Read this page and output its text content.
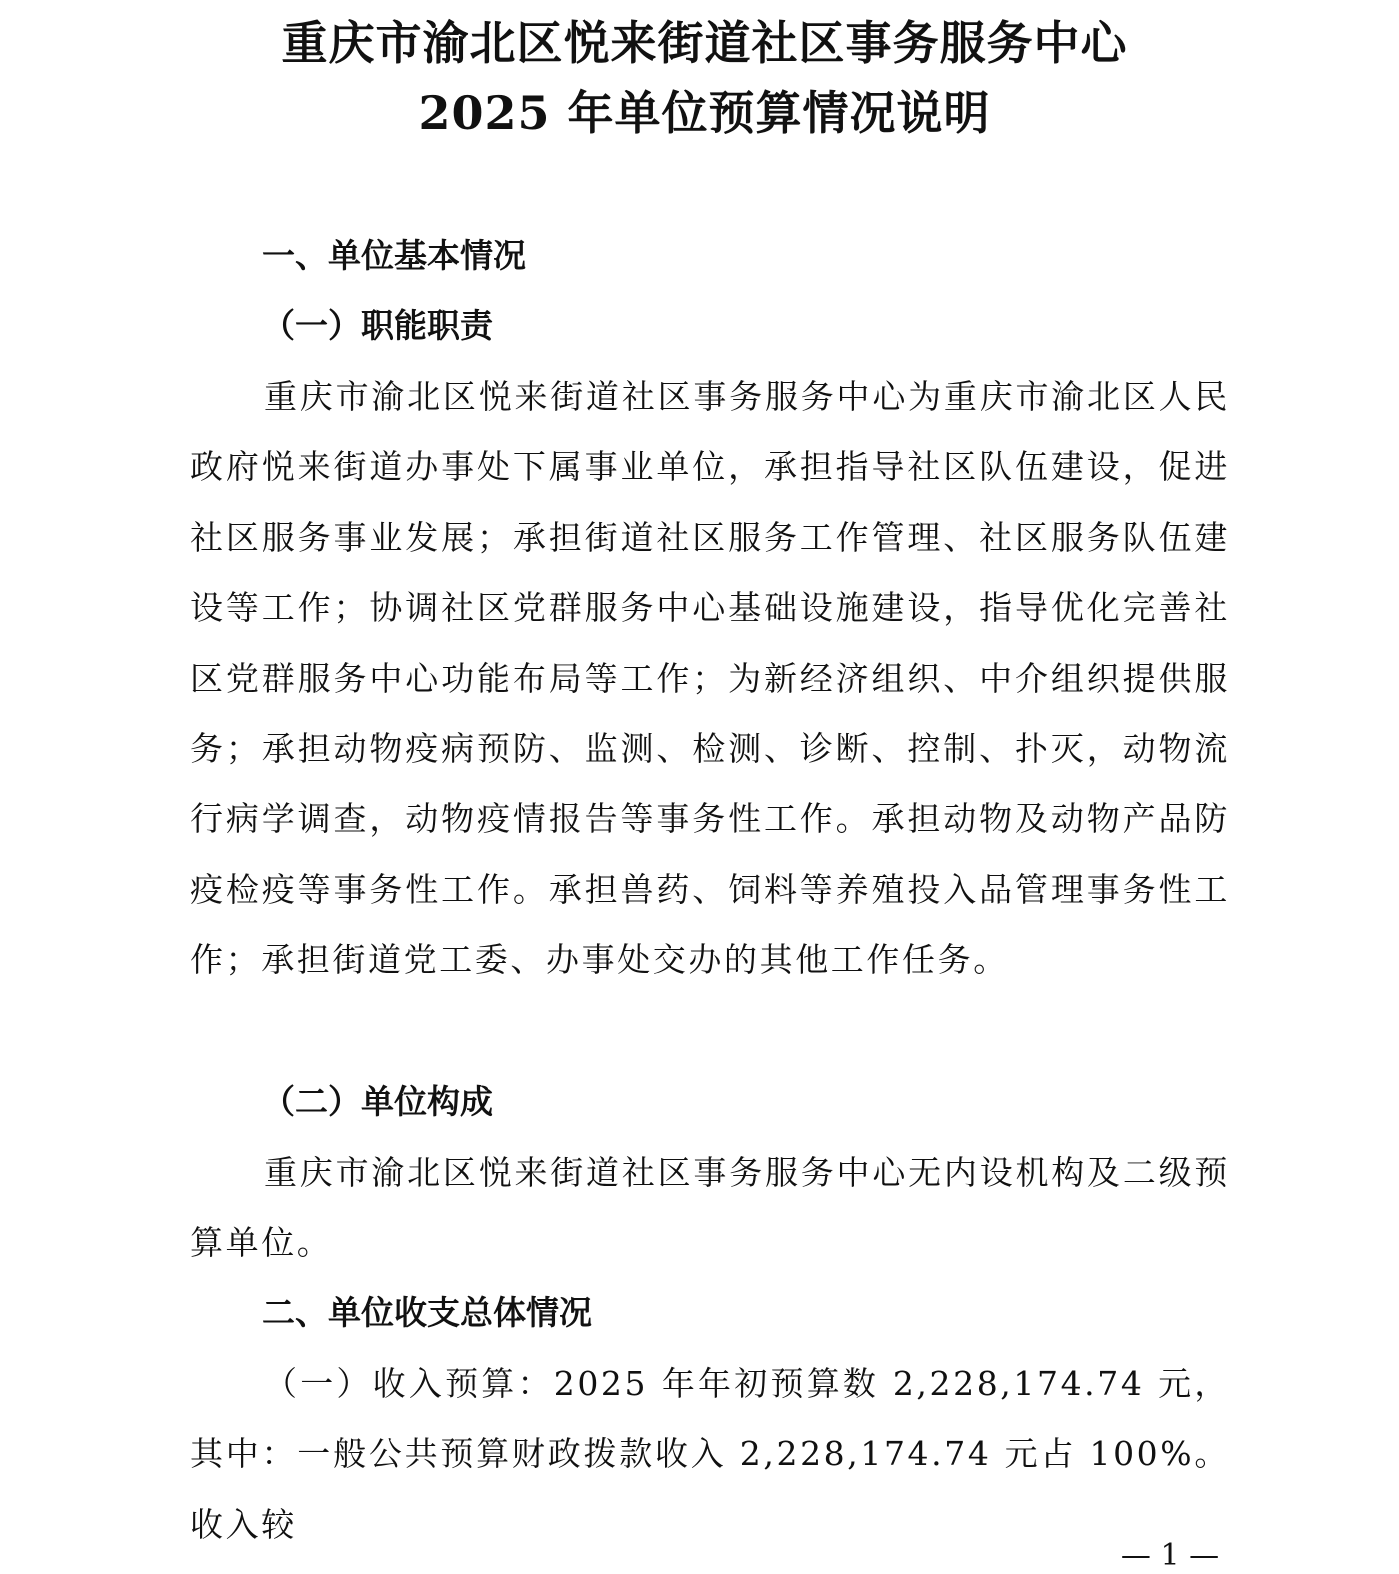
重庆市渝北区悦来街道社区事务服务中心
2025 年单位预算情况说明
一、单位基本情况
（一）职能职责

重庆市渝北区悦来街道社区事务服务中心为重庆市渝北区人民政府悦来街道办事处下属事业单位，承担指导社区队伍建设，促进社区服务事业发展；承担街道社区服务工作管理、社区服务队伍建设等工作；协调社区党群服务中心基础设施建设，指导优化完善社区党群服务中心功能布局等工作；为新经济组织、中介组织提供服务；承担动物疫病预防、监测、检测、诊断、控制、扑灭，动物流行病学调查，动物疫情报告等事务性工作。承担动物及动物产品防疫检疫等事务性工作。承担兽药、饲料等养殖投入品管理事务性工作；承担街道党工委、办事处交办的其他工作任务。

（二）单位构成

重庆市渝北区悦来街道社区事务服务中心无内设机构及二级预算单位。

二、单位收支总体情况

（一）收入预算：2025 年年初预算数 2,228,174.74 元，其中：一般公共预算财政拨款收入 2,228,174.74 元占 100%。收入较

— 1 —
